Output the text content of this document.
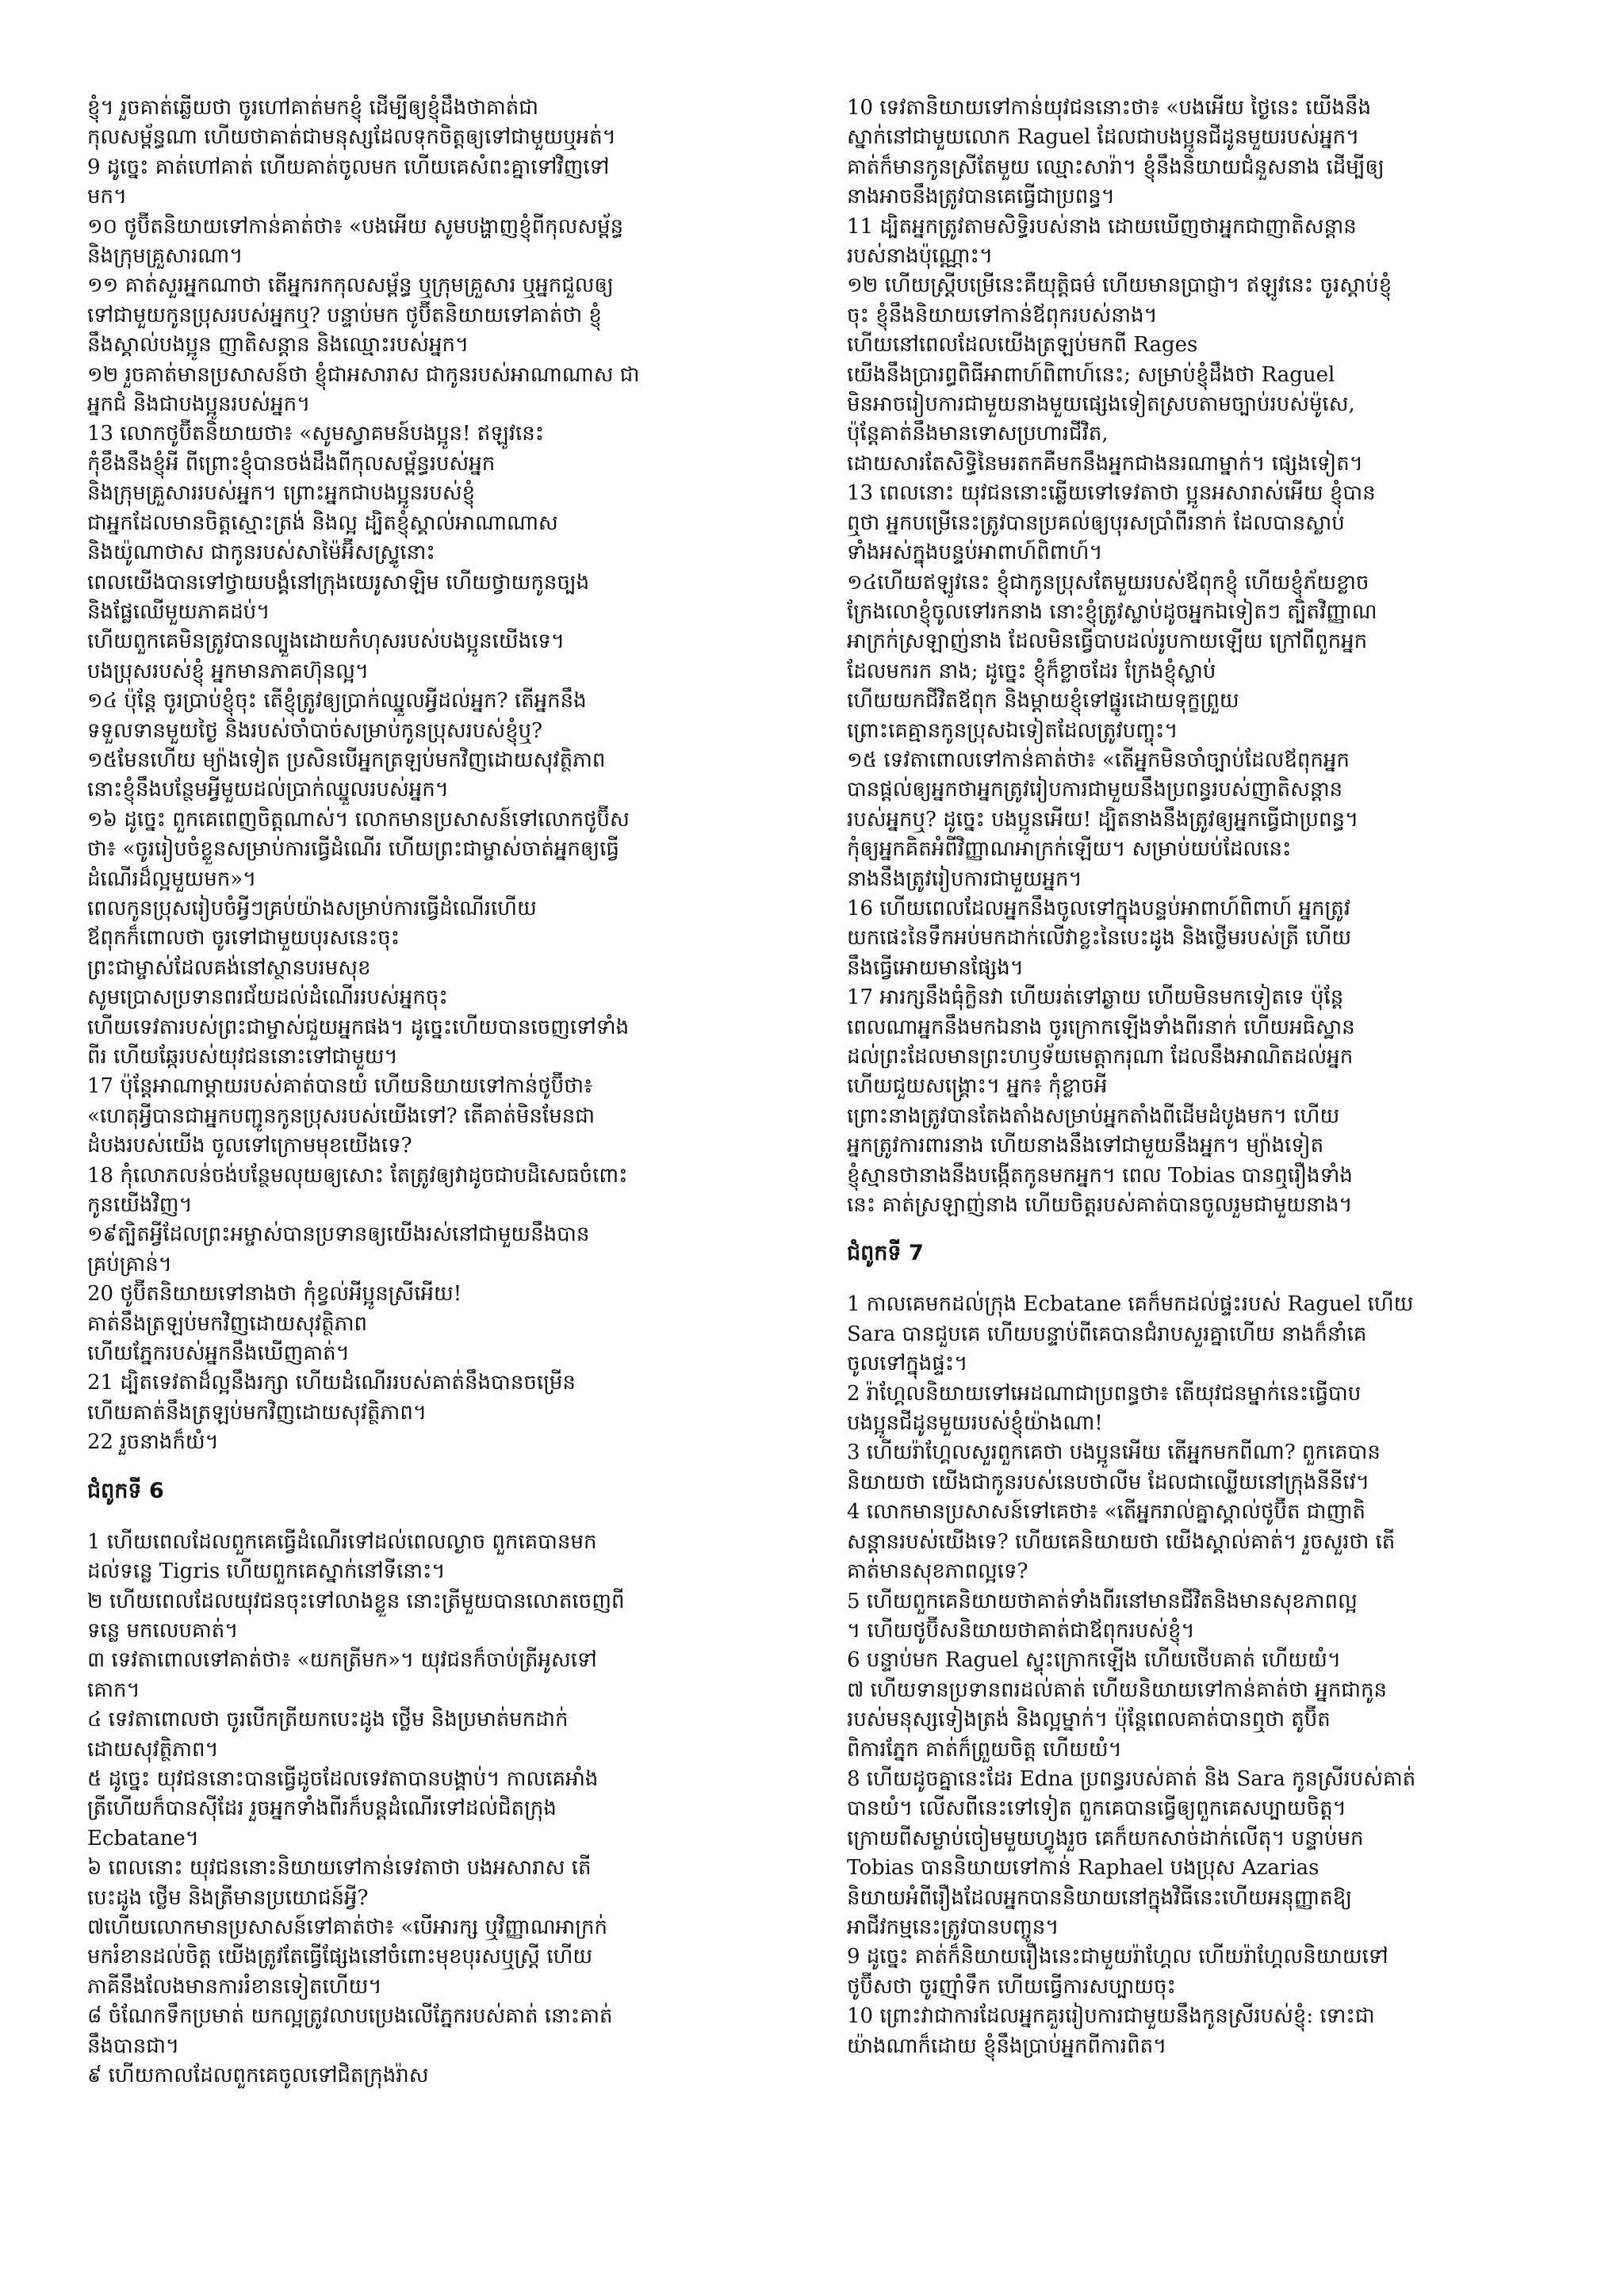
ខ្ញុំ។ រួចគាត់ឆ្លើយថា ចូរហៅគាត់មកខ្ញុំ ដើម្បីឲ្យខ្ញុំដឹងថាគាត់ជា

កុលសម្ព័ន្ធណា ហើយថាគាត់ជាមនុស្សដែលទុកចិត្តឲ្យទៅជាមួយឬអត់។

9 ដូច្នេះ គាត់ហៅគាត់ ហើយគាត់ចូលមក ហើយគេសំពះគ្នាទៅវិញទៅ

មក។

១០ ថូប៊ីតនិយាយទៅកាន់គាត់ថា៖ «បងអើយ សូមបង្ហាញខ្ញុំពីកុលសម្ព័ន្ធ

និងក្រុមគ្រួសារណា។

១១ គាត់សួរអ្នកណាថា តើអ្នករកកុលសម្ព័ន្ធ ឬក្រុមគ្រួសារ ឬអ្នកជួលឲ្យ

ទៅជាមួយកូនប្រុសរបស់អ្នកឬ? បន្ទាប់មក ថូប៊ីតនិយាយទៅគាត់ថា ខ្ញុំ

នឹងស្គាល់បងប្អូន ញាតិសន្តាន និងឈ្មោះរបស់អ្នក។

១២ រួចគាត់មានប្រសាសន៍ថា ខ្ញុំជាអសារាស ជាកូនរបស់អាណាណាស ជា

អ្នកជំ និងជាបងប្អូនរបស់អ្នក។

13 លោកថូប៊ីតនិយាយថា៖ «សូមស្វាគមន៍បងប្អូន! ឥឡូវនេះ

កុំខឹងនឹងខ្ញុំអី ពីព្រោះខ្ញុំបានចង់ដឹងពីកុលសម្ព័ន្ធរបស់អ្នក

និងក្រុមគ្រួសាររបស់អ្នក។ ព្រោះអ្នកជាបងប្អូនរបស់ខ្ញុំ

ជាអ្នកដែលមានចិត្តស្មោះត្រង់ និងល្អ ដ្បិតខ្ញុំស្គាល់អាណាណាស

និងយ៉ូណាថាស ជាកូនរបស់សាម៉ៃអ៊ីសស្ទ្រូនោះ

ពេលយើងបានទៅថ្វាយបង្គំនៅក្រុងយេរូសាឡិម ហើយថ្វាយកូនច្បង

និងផ្លែឈើមួយភាគដប់។

ហើយពួកគេមិនត្រូវបានល្បួងដោយកំហុសរបស់បងប្អូនយើងទេ។

បងប្រុសរបស់ខ្ញុំ អ្នកមានភាគហ៊ុនល្អ។

១៤ ប៉ុន្តែ ចូរប្រាប់ខ្ញុំចុះ តើខ្ញុំត្រូវឲ្យប្រាក់ឈ្នួលអ្វីដល់អ្នក? តើអ្នកនឹង

ទទួលទានមួយថ្ងៃ និងរបស់ចាំបាច់សម្រាប់កូនប្រុសរបស់ខ្ញុំឬ?

១៥មែនហើយ ម្យ៉ាងទៀត ប្រសិនបើអ្នកត្រឡប់មកវិញដោយសុវត្ថិភាព

នោះខ្ញុំនឹងបន្ថែមអ្វីមួយដល់ប្រាក់ឈ្នួលរបស់អ្នក។

១៦ ដូច្នេះ ពួកគេពេញចិត្តណាស់។ លោកមានប្រសាសន៍ទៅលោកថូប៊ីស

ថា៖ «ចូររៀបចំខ្លួនសម្រាប់ការធ្វើដំណើរ ហើយព្រះជាម្ចាស់ចាត់អ្នកឲ្យធ្វើ

ដំណើរដ៏ល្អមួយមក»។

ពេលកូនប្រុសរៀបចំអ្វីៗគ្រប់យ៉ាងសម្រាប់ការធ្វើដំណើរហើយ

ឪពុកក៏ពោលថា ចូរទៅជាមួយបុរសនេះចុះ

ព្រះជាម្ចាស់ដែលគង់នៅស្ថានបរមសុខ

សូមប្រោសប្រទានពរជ័យដល់ដំណើររបស់អ្នកចុះ

ហើយទេវតារបស់ព្រះជាម្ចាស់ជួយអ្នកផង។ ដូច្នេះហើយបានចេញទៅទាំង

ពីរ ហើយឆ្កែរបស់យុវជននោះទៅជាមួយ។

17 ប៉ុន្តែអាណាម្តាយរបស់គាត់បានយំ ហើយនិយាយទៅកាន់ថូប៊ីថា៖

«ហេតុអ្វីបានជាអ្នកបញ្ជូនកូនប្រុសរបស់យើងទៅ? តើគាត់មិនមែនជា

ដំបងរបស់យើង ចូលទៅក្រោមមុខយើងទេ?

18 កុំលោភលន់ចង់បន្ថែមលុយឲ្យសោះ តែត្រូវឲ្យវាដូចជាបដិសេធចំពោះ

កូនយើងវិញ។

១៩ត្បិតអ្វីដែលព្រះអម្ចាស់បានប្រទានឲ្យយើងរស់នៅជាមួយនឹងបាន

គ្រប់គ្រាន់។

20 ថូប៊ីតនិយាយទៅនាងថា កុំខ្វល់អីប្អូនស្រីអើយ!

គាត់នឹងត្រឡប់មកវិញដោយសុវត្ថិភាព

ហើយភ្នែករបស់អ្នកនឹងឃើញគាត់។

21 ដ្បិតទេវតាដ៏ល្អនឹងរក្សា ហើយដំណើររបស់គាត់នឹងបានចម្រើន

ហើយគាត់នឹងត្រឡប់មកវិញដោយសុវត្ថិភាព។

22 រួចនាងក៏យំ។

ជំពូកទី 6

1 ហើយពេលដែលពួកគេធ្វើដំណើរទៅដល់ពេលល្ងាច ពួកគេបានមក

ដល់ទន្លេ Tigris ហើយពួកគេស្នាក់នៅទីនោះ។

២ ហើយពេលដែលយុវជនចុះទៅលាងខ្លួន នោះត្រីមួយបានលោតចេញពី

ទន្លេ មកលេបគាត់។

៣ ទេវតាពោលទៅគាត់ថា៖ «យកត្រីមក»។ យុវជនក៏ចាប់ត្រីអូសទៅ

គោក។

៤ ទេវតាពោលថា ចូរបើកត្រីយកបេះដូង ថ្លើម និងប្រមាត់មកដាក់

ដោយសុវត្ថិភាព។

៥ ដូច្នេះ យុវជននោះបានធ្វើដូចដែលទេវតាបានបង្គាប់។ កាលគេអាំង

ត្រីហើយក៏បានស៊ីដែរ រួចអ្នកទាំងពីរក៏បន្តដំណើរទៅដល់ជិតក្រុង

Ecbatane។

៦ ពេលនោះ យុវជននោះនិយាយទៅកាន់ទេវតាថា បងអសារាស តើ

បេះដូង ថ្លើម និងត្រីមានប្រយោជន៍អ្វី?

៧ហើយលោកមានប្រសាសន៍ទៅគាត់ថា៖ «បើអារក្ស ឬវិញ្ញាណអាក្រក់

មករំខានដល់ចិត្ត យើងត្រូវតែធ្វើផ្សែងនៅចំពោះមុខបុរសឬស្ត្រី ហើយ

ភាគីនឹងលែងមានការរំខានទៀតហើយ។

៨ ចំណែកទឹកប្រមាត់ យកល្អត្រូវលាបប្រេងលើភ្នែករបស់គាត់ នោះគាត់

នឹងបានជា។

៩ ហើយកាលដែលពួកគេចូលទៅជិតក្រុងរ៉ាស

10 ទេវតានិយាយទៅកាន់យុវជននោះថា៖ «បងអើយ ថ្ងៃនេះ យើងនឹង

ស្នាក់នៅជាមួយលោក Raguel ដែលជាបងប្អូនជីដូនមួយរបស់អ្នក។

គាត់ក៏មានកូនស្រីតែមួយ ឈ្មោះសារ៉ា។ ខ្ញុំនឹងនិយាយជំនួសនាង ដើម្បីឲ្យ

នាងអាចនឹងត្រូវបានគេធ្វើជាប្រពន្ធ។

11 ដ្បិតអ្នកត្រូវតាមសិទ្ធិរបស់នាង ដោយឃើញថាអ្នកជាញាតិសន្តាន

របស់នាងប៉ុណ្ណោះ។

១២ ហើយស្ត្រីបម្រើនេះគឺយុត្តិធម៌ ហើយមានប្រាជ្ញា។ ឥឡូវនេះ ចូរស្តាប់ខ្ញុំ

ចុះ ខ្ញុំនឹងនិយាយទៅកាន់ឪពុករបស់នាង។

ហើយនៅពេលដែលយើងត្រឡប់មកពី Rages

យើងនឹងប្រារព្ធពិធីអាពាហ៍ពិពាហ៍នេះ; សម្រាប់ខ្ញុំដឹងថា Raguel

មិនអាចរៀបការជាមួយនាងមួយផ្សេងទៀតស្របតាមច្បាប់របស់ម៉ូសេ,

ប៉ុន្តែគាត់នឹងមានទោសប្រហារជីវិត,

ដោយសារតែសិទ្ធិនៃមរតកគឺមកនឹងអ្នកជាងនរណាម្នាក់។ ផ្សេងទៀត។

13 ពេលនោះ យុវជននោះឆ្លើយទៅទេវតាថា ប្អូនអសារាស់អើយ ខ្ញុំបាន

ឮថា អ្នកបម្រើនេះត្រូវបានប្រគល់ឲ្យបុរសប្រាំពីរនាក់ ដែលបានស្លាប់

ទាំងអស់ក្នុងបន្ទប់អាពាហ៍ពិពាហ៍។

១៤ហើយឥឡូវនេះ ខ្ញុំជាកូនប្រុសតែមួយរបស់ឪពុកខ្ញុំ ហើយខ្ញុំភ័យខ្លាច

ក្រែងលោខ្ញុំចូលទៅរកនាង នោះខ្ញុំត្រូវស្លាប់ដូចអ្នកឯទៀតៗ ត្បិតវិញ្ញាណ

អាក្រក់ស្រឡាញ់នាង ដែលមិនធ្វើបាបដល់រូបកាយឡើយ ក្រៅពីពួកអ្នក

ដែលមករក នាង; ដូច្នេះ ខ្ញុំក៏ខ្លាចដែរ ក្រែងខ្ញុំស្លាប់

ហើយយកជីវិតឪពុក និងម្ដាយខ្ញុំទៅផ្នូរដោយទុក្ខព្រួយ

ព្រោះគេគ្មានកូនប្រុសឯទៀតដែលត្រូវបញ្ចុះ។

១៥ ទេវតាពោលទៅកាន់គាត់ថា៖ «តើអ្នកមិនចាំច្បាប់ដែលឪពុកអ្នក

បានផ្ដល់ឲ្យអ្នកថាអ្នកត្រូវរៀបការជាមួយនឹងប្រពន្ធរបស់ញាតិសន្តាន

របស់អ្នកឬ? ដូច្នេះ បងប្អូនអើយ! ដ្បិតនាងនឹងត្រូវឲ្យអ្នកធ្វើជាប្រពន្ធ។

កុំឲ្យអ្នកគិតអំពីវិញ្ញាណអាក្រក់ឡើយ។ សម្រាប់យប់ដែលនេះ

នាងនឹងត្រូវរៀបការជាមួយអ្នក។

16 ហើយពេលដែលអ្នកនឹងចូលទៅក្នុងបន្ទប់អាពាហ៍ពិពាហ៍ អ្នកត្រូវ

យកផេះនៃទឹកអប់មកដាក់លើវាខ្លះនៃបេះដូង និងថ្លើមរបស់ត្រី ហើយ

នឹងធ្វើអោយមានផ្សែង។

17 អារក្សនឹងធុំក្លិនវា ហើយរត់ទៅឆ្ងាយ ហើយមិនមកទៀតទេ ប៉ុន្តែ

ពេលណាអ្នកនឹងមកឯនាង ចូរក្រោកឡើងទាំងពីរនាក់ ហើយអធិស្ឋាន

ដល់ព្រះដែលមានព្រះហឫទ័យមេត្តាករុណា ដែលនឹងអាណិតដល់អ្នក

ហើយជួយសង្គ្រោះ។ អ្នក៖ កុំខ្លាចអី

ព្រោះនាងត្រូវបានតែងតាំងសម្រាប់អ្នកតាំងពីដើមដំបូងមក។ ហើយ

អ្នកត្រូវការពារនាង ហើយនាងនឹងទៅជាមួយនឹងអ្នក។ ម្យ៉ាងទៀត

ខ្ញុំស្មានថានាងនឹងបង្កើតកូនមកអ្នក។ ពេល Tobias បានឮរឿងទាំង

នេះ គាត់ស្រឡាញ់នាង ហើយចិត្តរបស់គាត់បានចូលរួមជាមួយនាង។

ជំពូកទី 7

1 កាលគេមកដល់ក្រុង Ecbatane គេក៏មកដល់ផ្ទះរបស់ Raguel ហើយ

Sara បានជួបគេ ហើយបន្ទាប់ពីគេបានជំរាបសួរគ្នាហើយ នាងក៏នាំគេ

ចូលទៅក្នុងផ្ទះ។

2 រ៉ាហ្គែលនិយាយទៅអេដណាជាប្រពន្ធថា៖ តើយុវជនម្នាក់នេះធ្វើបាប

បងប្អូនជីដូនមួយរបស់ខ្ញុំយ៉ាងណា!

3 ហើយរ៉ាហ្គែលសួរពួកគេថា បងប្អូនអើយ តើអ្នកមកពីណា? ពួកគេបាន

និយាយថា យើងជាកូនរបស់នេបថាលីម ដែលជាឈ្លើយនៅក្រុងនីនីវេ។

4 លោកមានប្រសាសន៍ទៅគេថា៖ «តើអ្នករាល់គ្នាស្គាល់ថូប៊ីត ជាញាតិ

សន្តានរបស់យើងទេ? ហើយគេនិយាយថា យើងស្គាល់គាត់។ រួចសួរថា តើ

គាត់មានសុខភាពល្អទេ?

5 ហើយពួកគេនិយាយថាគាត់ទាំងពីរនៅមានជីវិតនិងមានសុខភាពល្អ

។ ហើយថូប៊ីសនិយាយថាគាត់ជាឪពុករបស់ខ្ញុំ។

6 បន្ទាប់មក Raguel ស្ទុះក្រោកឡើង ហើយថើបគាត់ ហើយយំ។

៧ ហើយទានប្រទានពរដល់គាត់ ហើយនិយាយទៅកាន់គាត់ថា អ្នកជាកូន

របស់មនុស្សទៀងត្រង់ និងល្អម្នាក់។ ប៉ុន្តែពេលគាត់បានឮថា តូប៊ីត

ពិការភ្នែក គាត់ក៏ព្រួយចិត្ត ហើយយំ។

8 ហើយដូចគ្នានេះដែរ Edna ប្រពន្ធរបស់គាត់ និង Sara កូនស្រីរបស់គាត់

បានយំ។ លើសពីនេះទៅទៀត ពួកគេបានធ្វើឲ្យពួកគេសប្បាយចិត្ត។

ក្រោយពីសម្លាប់ចៀមមួយហ្វូងរួច គេក៏យកសាច់ដាក់លើតុ។ បន្ទាប់មក

Tobias បាននិយាយទៅកាន់ Raphael បងប្រុស Azarias

និយាយអំពីរឿងដែលអ្នកបាននិយាយនៅក្នុងវិធីនេះហើយអនុញ្ញាតឱ្យ

អាជីវកម្មនេះត្រូវបានបញ្ចូន។

9 ដូច្នេះ គាត់ក៏និយាយរឿងនេះជាមួយរ៉ាហ្គែល ហើយរ៉ាហ្គែលនិយាយទៅ

ថូប៊ីសថា ចូរញ៉ាំទឹក ហើយធ្វើការសប្បាយចុះ

10 ព្រោះវាជាការដែលអ្នកគួររៀបការជាមួយនឹងកូនស្រីរបស់ខ្ញុំ: ទោះជា

យ៉ាងណាក៏ដោយ ខ្ញុំនឹងប្រាប់អ្នកពីការពិត។
